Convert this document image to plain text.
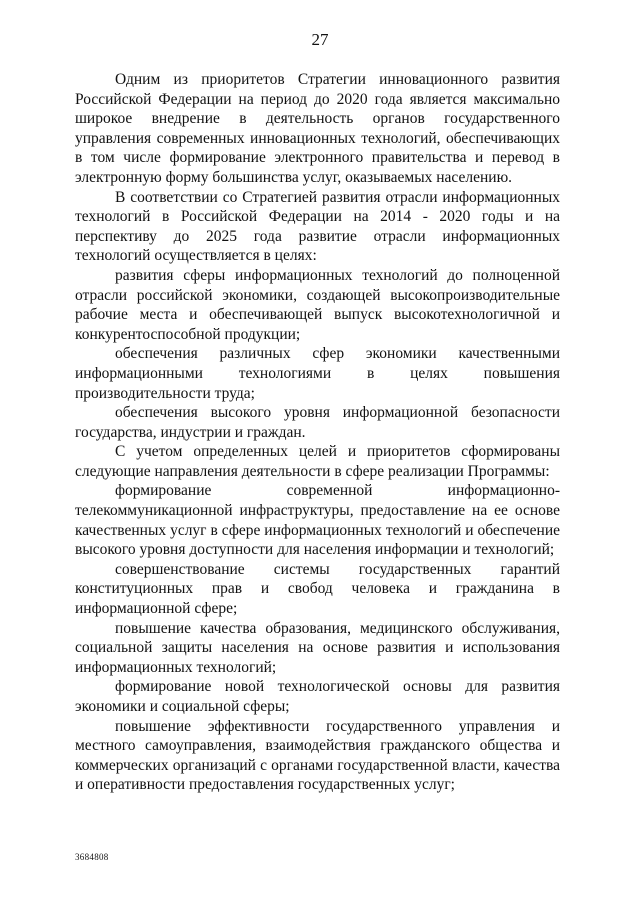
27

Одним из приоритетов Стратегии инновационного развития Российской Федерации на период до 2020 года является максимально широкое внедрение в деятельность органов государственного управления современных инновационных технологий, обеспечивающих в том числе формирование электронного правительства и перевод в электронную форму большинства услуг, оказываемых населению.

В соответствии со Стратегией развития отрасли информационных технологий в Российской Федерации на 2014 - 2020 годы и на перспективу до 2025 года развитие отрасли информационных технологий осуществляется в целях:

развития сферы информационных технологий до полноценной отрасли российской экономики, создающей высокопроизводительные рабочие места и обеспечивающей выпуск высокотехнологичной и конкурентоспособной продукции;

обеспечения различных сфер экономики качественными информационными технологиями в целях повышения производительности труда;

обеспечения высокого уровня информационной безопасности государства, индустрии и граждан.

С учетом определенных целей и приоритетов сформированы следующие направления деятельности в сфере реализации Программы:

формирование современной информационно-телекоммуникационной инфраструктуры, предоставление на ее основе качественных услуг в сфере информационных технологий и обеспечение высокого уровня доступности для населения информации и технологий;

совершенствование системы государственных гарантий конституционных прав и свобод человека и гражданина в информационной сфере;

повышение качества образования, медицинского обслуживания, социальной защиты населения на основе развития и использования информационных технологий;

формирование новой технологической основы для развития экономики и социальной сферы;

повышение эффективности государственного управления и местного самоуправления, взаимодействия гражданского общества и коммерческих организаций с органами государственной власти, качества и оперативности предоставления государственных услуг;

3684808
